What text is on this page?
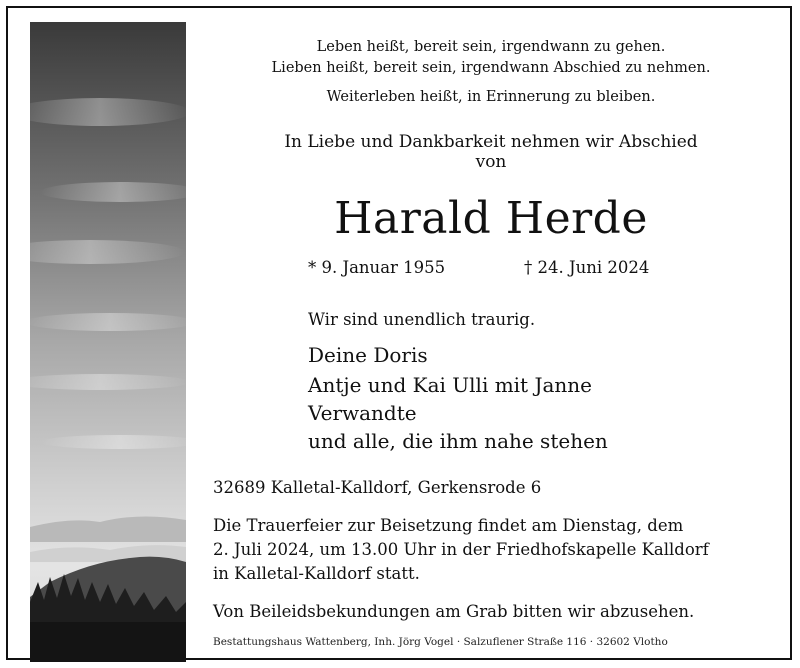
Leben heißt, bereit sein, irgendwann zu gehen.
Lieben heißt, bereit sein, irgendwann Abschied zu nehmen.
Weiterleben heißt, in Erinnerung zu bleiben.
In Liebe und Dankbarkeit nehmen wir Abschied
von
Harald Herde
* 9. Januar 1955	† 24. Juni 2024
Wir sind unendlich traurig.
Deine Doris
Antje und Kai Ulli mit Janne
Verwandte
und alle, die ihm nahe stehen
32689 Kalletal-Kalldorf, Gerkensrode 6
Die Trauerfeier zur Beisetzung findet am Dienstag, dem
2. Juli 2024, um 13.00 Uhr in der Friedhofskapelle Kalldorf
in Kalletal-Kalldorf statt.
Von Beileidsbekundungen am Grab bitten wir abzusehen.
Bestattungshaus Wattenberg, Inh. Jörg Vogel · Salzuflener Straße 116 · 32602 Vlotho
